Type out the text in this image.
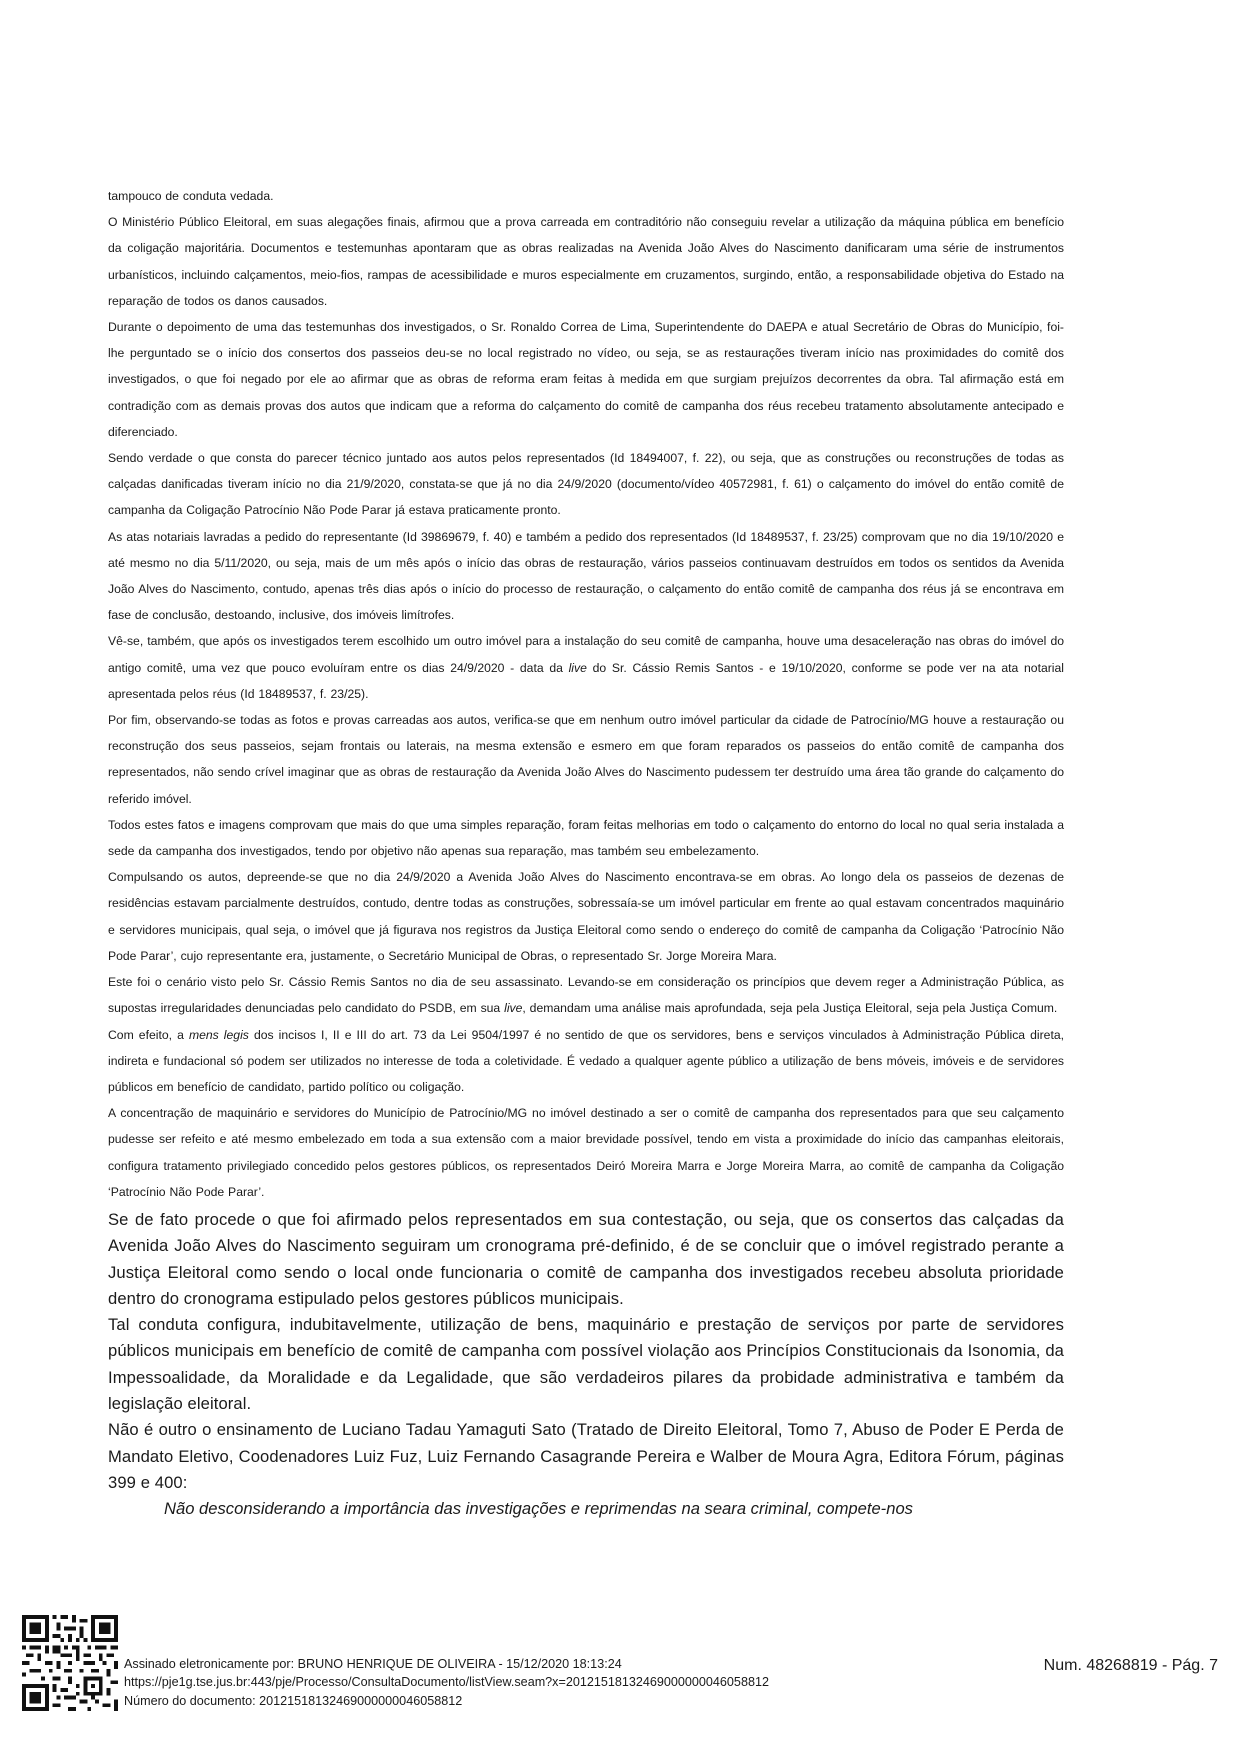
tampouco de conduta vedada.

O Ministério Público Eleitoral, em suas alegações finais, afirmou que a prova carreada em contraditório não conseguiu revelar a utilização da máquina pública em benefício da coligação majoritária. Documentos e testemunhas apontaram que as obras realizadas na Avenida João Alves do Nascimento danificaram uma série de instrumentos urbanísticos, incluindo calçamentos, meio-fios, rampas de acessibilidade e muros especialmente em cruzamentos, surgindo, então, a responsabilidade objetiva do Estado na reparação de todos os danos causados.

Durante o depoimento de uma das testemunhas dos investigados, o Sr. Ronaldo Correa de Lima, Superintendente do DAEPA e atual Secretário de Obras do Município, foi-lhe perguntado se o início dos consertos dos passeios deu-se no local registrado no vídeo, ou seja, se as restaurações tiveram início nas proximidades do comitê dos investigados, o que foi negado por ele ao afirmar que as obras de reforma eram feitas à medida em que surgiam prejuízos decorrentes da obra. Tal afirmação está em contradição com as demais provas dos autos que indicam que a reforma do calçamento do comitê de campanha dos réus recebeu tratamento absolutamente antecipado e diferenciado.

Sendo verdade o que consta do parecer técnico juntado aos autos pelos representados (Id 18494007, f. 22), ou seja, que as construções ou reconstruções de todas as calçadas danificadas tiveram início no dia 21/9/2020, constata-se que já no dia 24/9/2020 (documento/vídeo 40572981, f. 61) o calçamento do imóvel do então comitê de campanha da Coligação Patrocínio Não Pode Parar já estava praticamente pronto.

As atas notariais lavradas a pedido do representante (Id 39869679, f. 40) e também a pedido dos representados (Id 18489537, f. 23/25) comprovam que no dia 19/10/2020 e até mesmo no dia 5/11/2020, ou seja, mais de um mês após o início das obras de restauração, vários passeios continuavam destruídos em todos os sentidos da Avenida João Alves do Nascimento, contudo, apenas três dias após o início do processo de restauração, o calçamento do então comitê de campanha dos réus já se encontrava em fase de conclusão, destoando, inclusive, dos imóveis limítrofes.

Vê-se, também, que após os investigados terem escolhido um outro imóvel para a instalação do seu comitê de campanha, houve uma desaceleração nas obras do imóvel do antigo comitê, uma vez que pouco evoluíram entre os dias 24/9/2020 - data da live do Sr. Cássio Remis Santos - e 19/10/2020, conforme se pode ver na ata notarial apresentada pelos réus (Id 18489537, f. 23/25).

Por fim, observando-se todas as fotos e provas carreadas aos autos, verifica-se que em nenhum outro imóvel particular da cidade de Patrocínio/MG houve a restauração ou reconstrução dos seus passeios, sejam frontais ou laterais, na mesma extensão e esmero em que foram reparados os passeios do então comitê de campanha dos representados, não sendo crível imaginar que as obras de restauração da Avenida João Alves do Nascimento pudessem ter destruído uma área tão grande do calçamento do referido imóvel.

Todos estes fatos e imagens comprovam que mais do que uma simples reparação, foram feitas melhorias em todo o calçamento do entorno do local no qual seria instalada a sede da campanha dos investigados, tendo por objetivo não apenas sua reparação, mas também seu embelezamento.

Compulsando os autos, depreende-se que no dia 24/9/2020 a Avenida João Alves do Nascimento encontrava-se em obras. Ao longo dela os passeios de dezenas de residências estavam parcialmente destruídos, contudo, dentre todas as construções, sobressaía-se um imóvel particular em frente ao qual estavam concentrados maquinário e servidores municipais, qual seja, o imóvel que já figurava nos registros da Justiça Eleitoral como sendo o endereço do comitê de campanha da Coligação ‘Patrocínio Não Pode Parar’, cujo representante era, justamente, o Secretário Municipal de Obras, o representado Sr. Jorge Moreira Mara.

Este foi o cenário visto pelo Sr. Cássio Remis Santos no dia de seu assassinato. Levando-se em consideração os princípios que devem reger a Administração Pública, as supostas irregularidades denunciadas pelo candidato do PSDB, em sua live, demandam uma análise mais aprofundada, seja pela Justiça Eleitoral, seja pela Justiça Comum.

Com efeito, a mens legis dos incisos I, II e III do art. 73 da Lei 9504/1997 é no sentido de que os servidores, bens e serviços vinculados à Administração Pública direta, indireta e fundacional só podem ser utilizados no interesse de toda a coletividade. É vedado a qualquer agente público a utilização de bens móveis, imóveis e de servidores públicos em benefício de candidato, partido político ou coligação.

A concentração de maquinário e servidores do Município de Patrocínio/MG no imóvel destinado a ser o comitê de campanha dos representados para que seu calçamento pudesse ser refeito e até mesmo embelezado em toda a sua extensão com a maior brevidade possível, tendo em vista a proximidade do início das campanhas eleitorais, configura tratamento privilegiado concedido pelos gestores públicos, os representados Deiró Moreira Marra e Jorge Moreira Marra, ao comitê de campanha da Coligação ‘Patrocínio Não Pode Parar’.

Se de fato procede o que foi afirmado pelos representados em sua contestação, ou seja, que os consertos das calçadas da Avenida João Alves do Nascimento seguiram um cronograma pré-definido, é de se concluir que o imóvel registrado perante a Justiça Eleitoral como sendo o local onde funcionaria o comitê de campanha dos investigados recebeu absoluta prioridade dentro do cronograma estipulado pelos gestores públicos municipais.

Tal conduta configura, indubitavelmente, utilização de bens, maquinário e prestação de serviços por parte de servidores públicos municipais em benefício de comitê de campanha com possível violação aos Princípios Constitucionais da Isonomia, da Impessoalidade, da Moralidade e da Legalidade, que são verdadeiros pilares da probidade administrativa e também da legislação eleitoral.

Não é outro o ensinamento de Luciano Tadau Yamaguti Sato (Tratado de Direito Eleitoral, Tomo 7, Abuso de Poder E Perda de Mandato Eletivo, Coodenadores Luiz Fuz, Luiz Fernando Casagrande Pereira e Walber de Moura Agra, Editora Fórum, páginas 399 e 400:

Não desconsiderando a importância das investigações e reprimendas na seara criminal, compete-nos

Assinado eletronicamente por: BRUNO HENRIQUE DE OLIVEIRA - 15/12/2020 18:13:24
https://pje1g.tse.jus.br:443/pje/Processo/ConsultaDocumento/listView.seam?x=20121518132469000000046058812
Número do documento: 20121518132469000000046058812
Num. 48268819 - Pág. 7
